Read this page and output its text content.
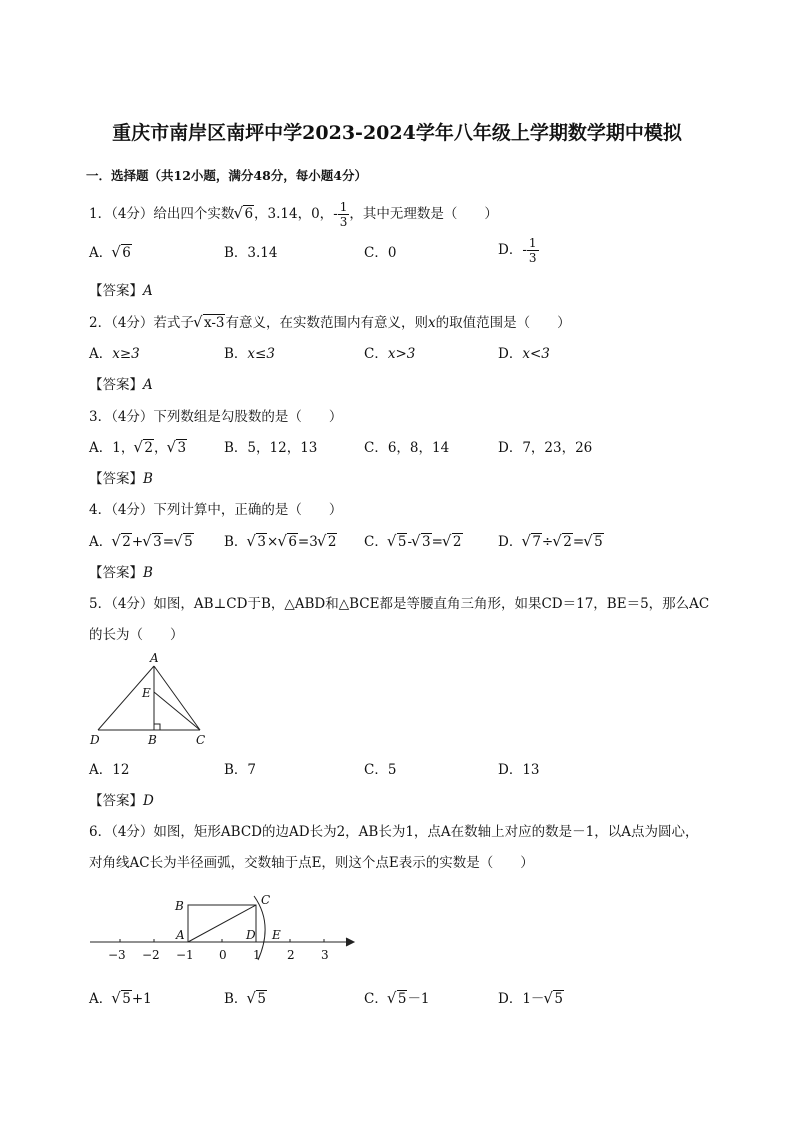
重庆市南岸区南坪中学2023-2024学年八年级上学期数学期中模拟
一．选择题（共12小题，满分48分，每小题4分）
1．（4分）给出四个实数 √ 6，3.14，0，- $\frac{1}{3}$ ，其中无理数是（　　）
A． √ 6	B．3.14	C．0	D．- $\frac{1}{3}$
【答案】A
2．（4分）若式子 √ x-3有意义，在实数范围内有意义，则x的取值范围是（　　）
A．x≥3	B．x≤3	C．x>3	D．x<3
【答案】A
3．（4分）下列数组是勾股数的是（　　）
A．1， √ 2， √ 3	B．5，12，13	C．6，8，14	D．7，23，26
【答案】B
4．（4分）下列计算中，正确的是（　　）
A． √ 2+ √ 3= √ 5 B． √ 3× √ 6=3 √ 2 C． √ 5- √ 3= √ 2	D． √ 7÷ √ 2= √ 5
【答案】B
5．（4分）如图，AB⊥CD于B，△ABD和△BCE都是等腰直角三角形，如果CD＝17，BE＝5，那么AC
的长为（　　）
A
E
D	B	C
A．12	B．7	C．5	D．13
【答案】D
6．（4分）如图，矩形ABCD的边AD长为2，AB长为1，点A在数轴上对应的数是－1，以A点为圆心，
对角线AC长为半径画弧，交数轴于点E，则这个点E表示的实数是（　　）
B	C
A	D E
−3 −2 −1 0 1 2 3
A． √ 5+1	B． √ 5	C． √ 5－1	D．1－ √ 5
